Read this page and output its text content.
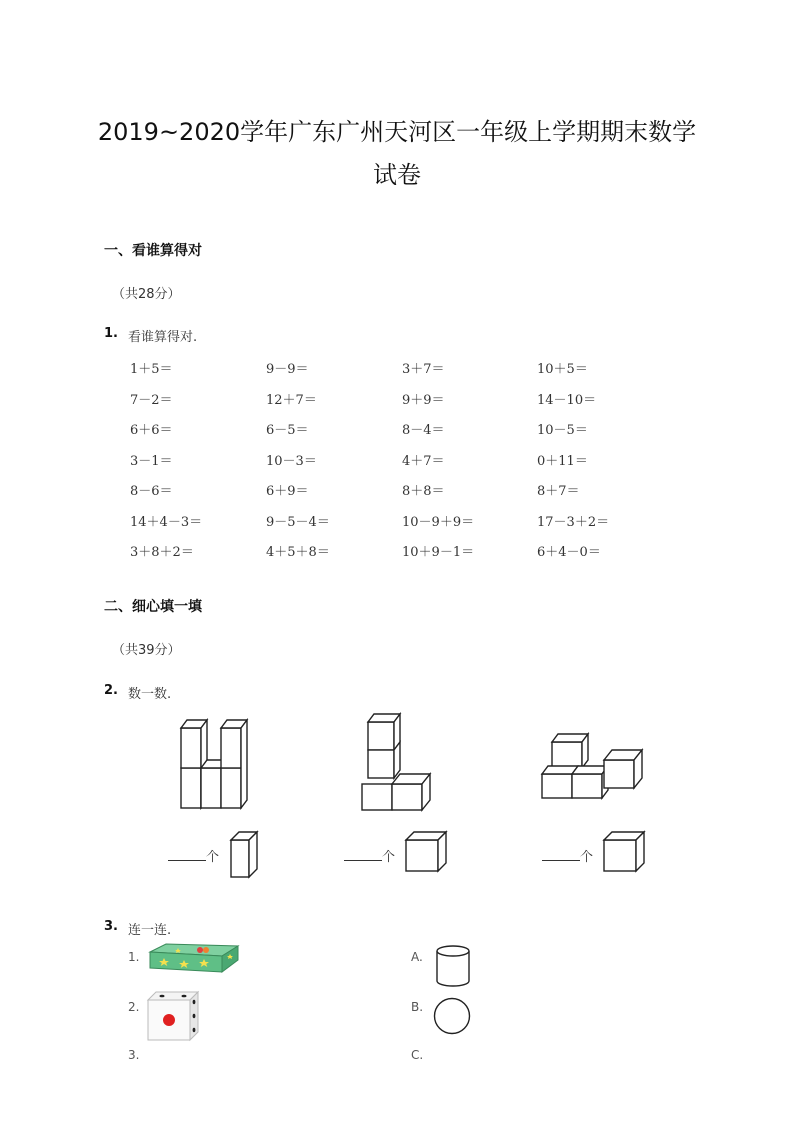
2019~2020学年广东广州天河区一年级上学期期末数学
试卷
一、看谁算得对
（共28分）
1. 看谁算得对.
1＋5＝	9－9＝	3＋7＝	10＋5＝
7－2＝	12＋7＝	9＋9＝	14－10＝
6＋6＝	6－5＝	8－4＝	10－5＝
3－1＝	10－3＝	4＋7＝	0＋11＝
8－6＝	6＋9＝	8＋8＝	8＋7＝
14＋4－3＝	9－5－4＝	10－9＋9＝	17－3＋2＝
3＋8＋2＝	4＋5＋8＝	10＋9－1＝	6＋4－0＝
二、细心填一填
（共39分）
2. 数一数.
个	个	个
3. 连一连.
1.
2.
3.
A.
B.
C.
